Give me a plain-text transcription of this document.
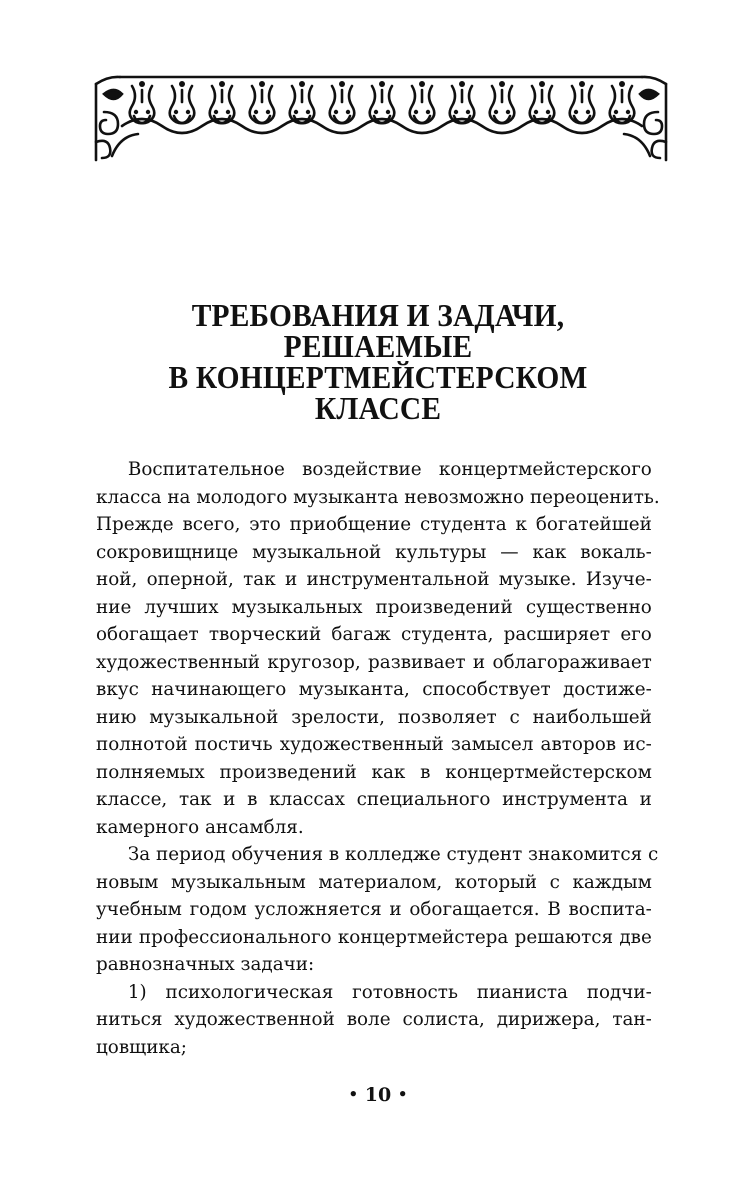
ТРЕБОВАНИЯ И ЗАДАЧИ,
РЕШАЕМЫЕ
В КОНЦЕРТМЕЙСТЕРСКОМ
КЛАССЕ
Воспитательное воздействие концертмейстерского
класса на молодого музыканта невозможно переоценить.
Прежде всего, это приобщение студента к богатейшей
сокровищнице музыкальной культуры — как вокаль-
ной, оперной, так и инструментальной музыке. Изуче-
ние лучших музыкальных произведений существенно
обогащает творческий багаж студента, расширяет его
художественный кругозор, развивает и облагораживает
вкус начинающего музыканта, способствует достиже-
нию музыкальной зрелости, позволяет с наибольшей
полнотой постичь художественный замысел авторов ис-
полняемых произведений как в концертмейстерском
классе, так и в классах специального инструмента и
камерного ансамбля.
За период обучения в колледже студент знакомится с
новым музыкальным материалом, который с каждым
учебным годом усложняется и обогащается. В воспита-
нии профессионального концертмейстера решаются две
равнозначных задачи:
1) психологическая готовность пианиста подчи-
ниться художественной воле солиста, дирижера, тан-
цовщика;
• 10 •
